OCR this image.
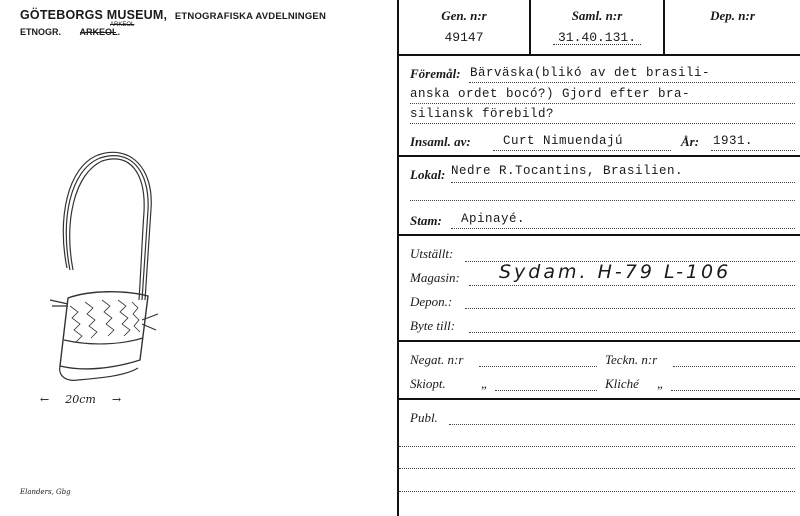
GÖTEBORGS MUSEUM, ETNOGRAFISKA AVDELNINGEN
ETNOGR. ARKEOL.
ARKEOL
← 20cm →
Elanders, Gbg
Gen. n:r
49147
Saml. n:r
31.40.131.
Dep. n:r
Föremål: Bärväska(blikó av det brasili-
anska ordet bocó?) Gjord efter bra-
siliansk förebild?
Insaml. av:	Curt Nimuendajú	År: 1931.
Lokal: Nedre R.Tocantins, Brasilien.
Stam: Apinayé.
Utställt:
Magasin: Sydam. H-79 L-106
Depon.:
Byte till:
Negat. n:r	Teckn. n:r
Skiopt.	„	Kliché „
Publ.
